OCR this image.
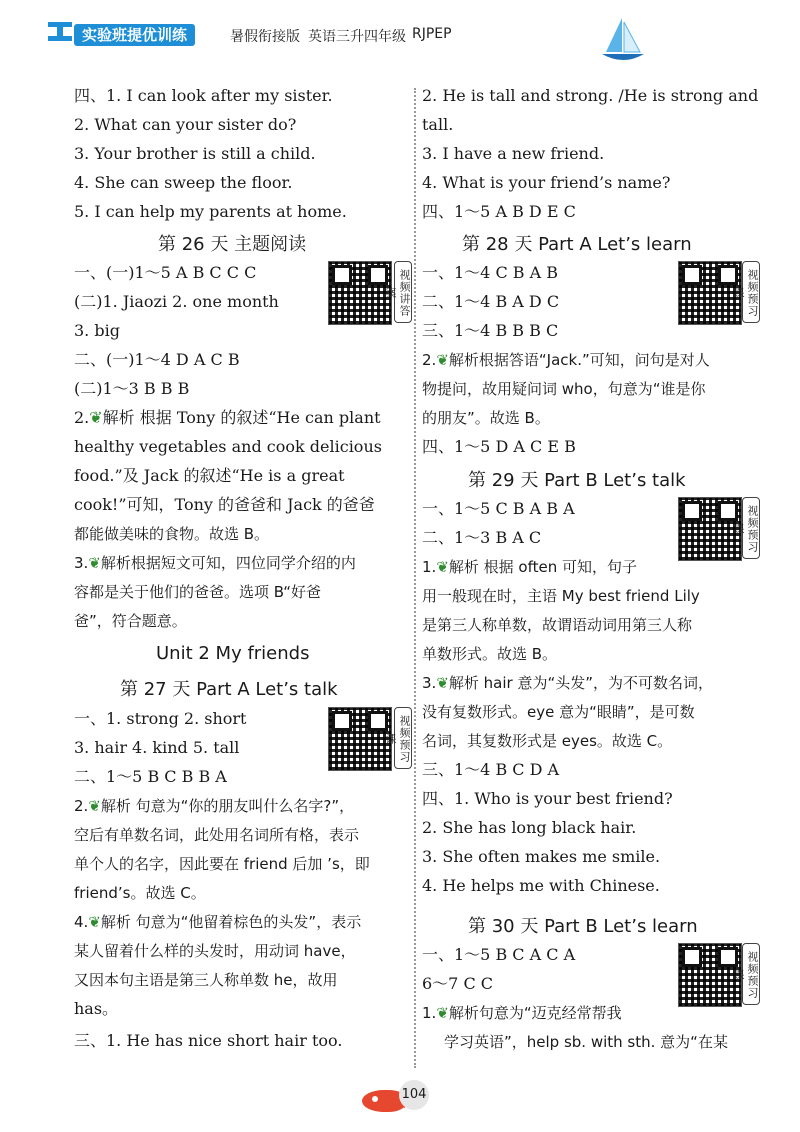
实验班提优训练	暑假衔接版 英语三升四年级 RJPEP
四、1. I can look after my sister.
2. What can your sister do?
3. Your brother is still a child.
4. She can sweep the floor.
5. I can help my parents at home.
第 26 天 主题阅读
一、(一)1～5 A B C C C
(二)1. Jiaozi 2. one month	视频讲答案
3. big
二、(一)1～4 D A C B
(二)1～3 B B B
2.❦解析 根据 Tony 的叙述“He can plant
healthy vegetables and cook delicious
food.”及 Jack 的叙述“He is a great
cook!”可知，Tony 的爸爸和 Jack 的爸爸
都能做美味的食物。故选 B。
3.❦解析根据短文可知，四位同学介绍的内
容都是关于他们的爸爸。选项 B“好爸
爸”，符合题意。
Unit 2 My friends
第 27 天 Part A Let’s talk
一、1. strong 2. short	视频预习课
3. hair 4. kind 5. tall
二、1～5 B C B B A
2.❦解析 句意为“你的朋友叫什么名字?”，
空后有单数名词，此处用名词所有格，表示
单个人的名字，因此要在 friend 后加 ’s，即
friend’s。故选 C。
4.❦解析 句意为“他留着棕色的头发”，表示
某人留着什么样的头发时，用动词 have，
又因本句主语是第三人称单数 he，故用
has。
三、1. He has nice short hair too.
2. He is tall and strong. /He is strong and
tall.
3. I have a new friend.
4. What is your friend’s name?
四、1～5 A B D E C
第 28 天 Part A Let’s learn
一、1～4 C B A B	视频预习课
二、1～4 B A D C
三、1～4 B B B C
2.❦解析根据答语“Jack.”可知，问句是对人
物提问，故用疑问词 who，句意为“谁是你
的朋友”。故选 B。
四、1～5 D A C E B
第 29 天 Part B Let’s talk
一、1～5 C B A B A	视频预习课
二、1～3 B A C
1.❦解析 根据 often 可知，句子
用一般现在时，主语 My best friend Lily
是第三人称单数，故谓语动词用第三人称
单数形式。故选 B。
3.❦解析 hair 意为“头发”，为不可数名词，
没有复数形式。eye 意为“眼睛”，是可数
名词，其复数形式是 eyes。故选 C。
三、1～4 B C D A
四、1. Who is your best friend?
2. She has long black hair.
3. She often makes me smile.
4. He helps me with Chinese.
第 30 天 Part B Let’s learn
一、1～5 B C A C A	视频预习课
6～7 C C
1.❦解析句意为“迈克经常帮我
学习英语”，help sb. with sth. 意为“在某
104
